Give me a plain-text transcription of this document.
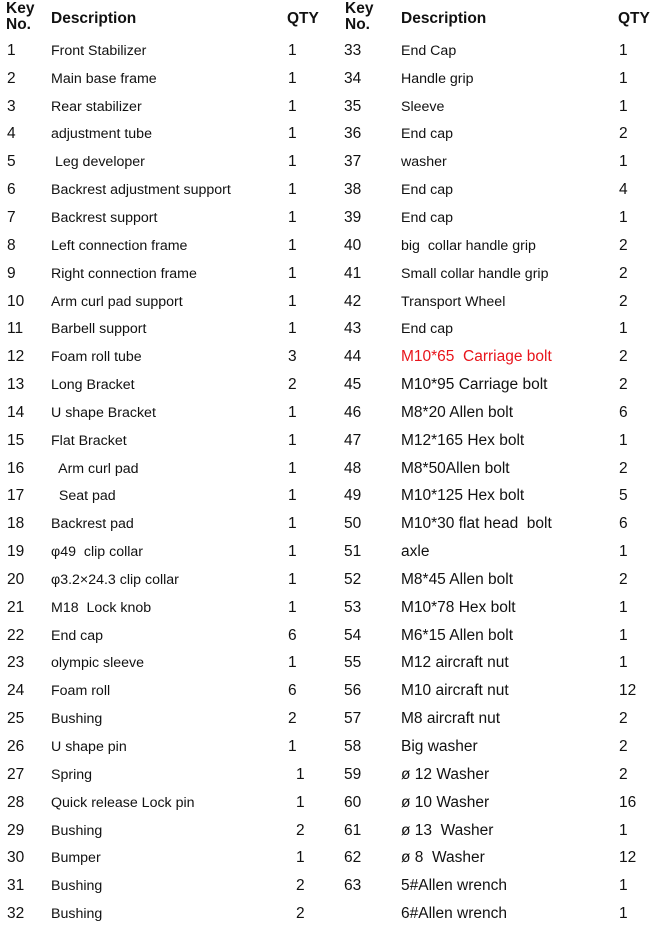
Key
No. Description	QTY
1 Front Stabilizer	1
2 Main base frame	1
3 Rear stabilizer	1
4 adjustment tube	1
5 Leg developer	1
6 Backrest adjustment support	1
7 Backrest support	1
8 Left connection frame	1
9 Right connection frame	1
10 Arm curl pad support	1
11 Barbell support	1
12 Foam roll tube	3
13 Long Bracket	2
14 U shape Bracket	1
15 Flat Bracket	1
16 Arm curl pad	1
17 Seat pad	1
18 Backrest pad	1
19 φ49  clip collar	1
20 φ3.2×24.3 clip collar	1
21 M18  Lock knob	1
22 End cap	6
23 olympic sleeve	1
24 Foam roll	6
25 Bushing	2
26 U shape pin	1
27 Spring	1
28 Quick release Lock pin	1
29 Bushing	2
30 Bumper	1
31 Bushing	2
32 Bushing	2
Key
No. Description	QTY
33	End Cap	1
34	Handle grip	1
35	Sleeve	1
36	End cap	2
37	washer	1
38	End cap	4
39	End cap	1
40	big  collar handle grip	2
41	Small collar handle grip	2
42	Transport Wheel	2
43	End cap	1
44	M10*65  Carriage bolt	2
45	M10*95 Carriage bolt	2
46	M8*20 Allen bolt	6
47	M12*165 Hex bolt	1
48	M8*50Allen bolt	2
49	M10*125 Hex bolt	5
50	M10*30 flat head  bolt	6
51	axle	1
52	M8*45 Allen bolt	2
53	M10*78 Hex bolt	1
54	M6*15 Allen bolt	1
55	M12 aircraft nut	1
56	M10 aircraft nut	12
57	M8 aircraft nut	2
58	Big washer	2
59	ø 12 Washer	2
60	ø 10 Washer	16
61	ø 13  Washer	1
62	ø 8  Washer	12
63	5#Allen wrench	1
6#Allen wrench	1
